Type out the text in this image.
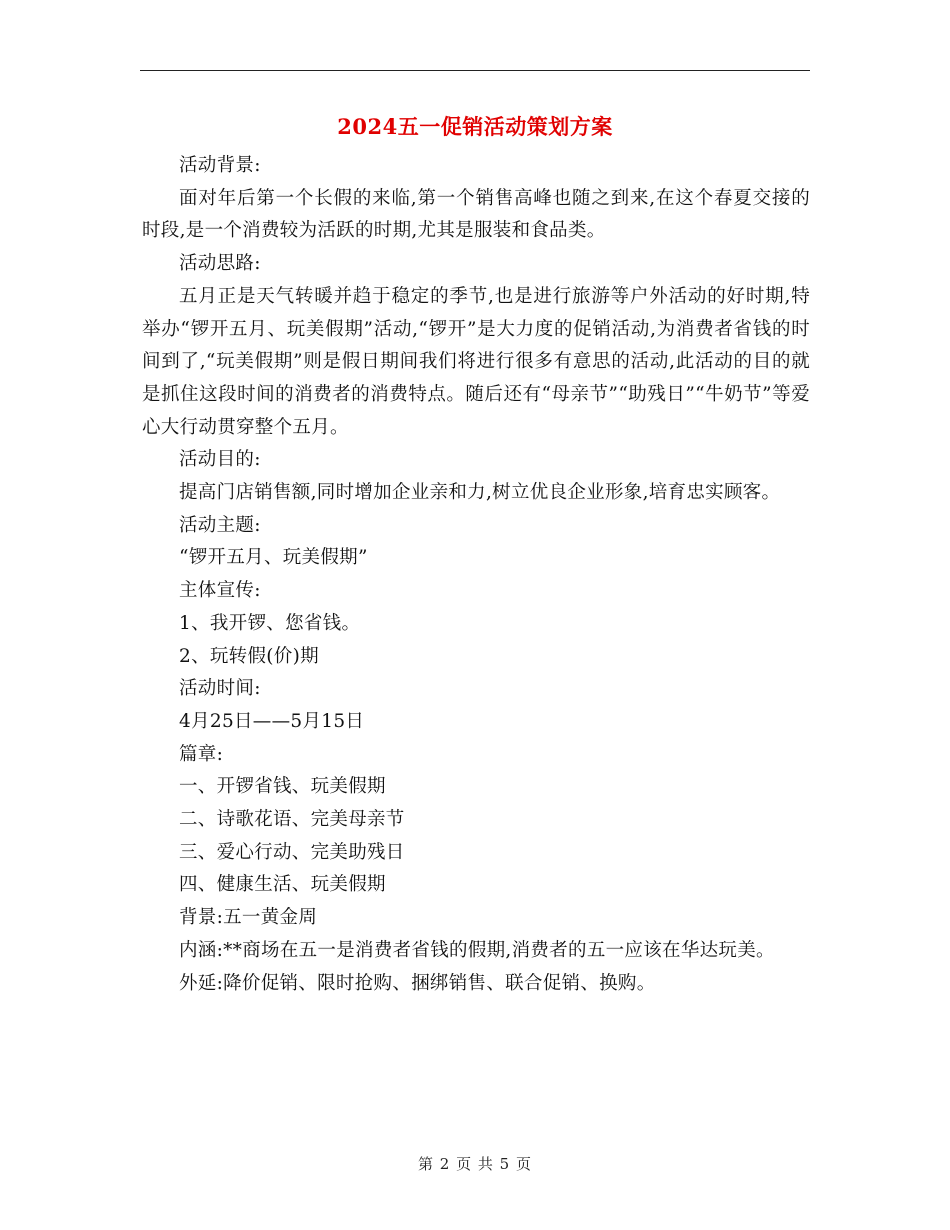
2024五一促销活动策划方案

活动背景:

面对年后第一个长假的来临,第一个销售高峰也随之到来,在这个春夏交接的时段,是一个消费较为活跃的时期,尤其是服装和食品类。

活动思路:

五月正是天气转暖并趋于稳定的季节,也是进行旅游等户外活动的好时期,特举办“锣开五月、玩美假期”活动,“锣开”是大力度的促销活动,为消费者省钱的时间到了,“玩美假期”则是假日期间我们将进行很多有意思的活动,此活动的目的就是抓住这段时间的消费者的消费特点。随后还有“母亲节”“助残日”“牛奶节”等爱心大行动贯穿整个五月。

活动目的:

提高门店销售额,同时增加企业亲和力,树立优良企业形象,培育忠实顾客。

活动主题:

“锣开五月、玩美假期”

主体宣传:

1、我开锣、您省钱。

2、玩转假(价)期

活动时间:

4月25日——5月15日

篇章:

一、开锣省钱、玩美假期

二、诗歌花语、完美母亲节

三、爱心行动、完美助残日

四、健康生活、玩美假期

背景:五一黄金周

内涵:**商场在五一是消费者省钱的假期,消费者的五一应该在华达玩美。

外延:降价促销、限时抢购、捆绑销售、联合促销、换购。

第 2 页 共 5 页
